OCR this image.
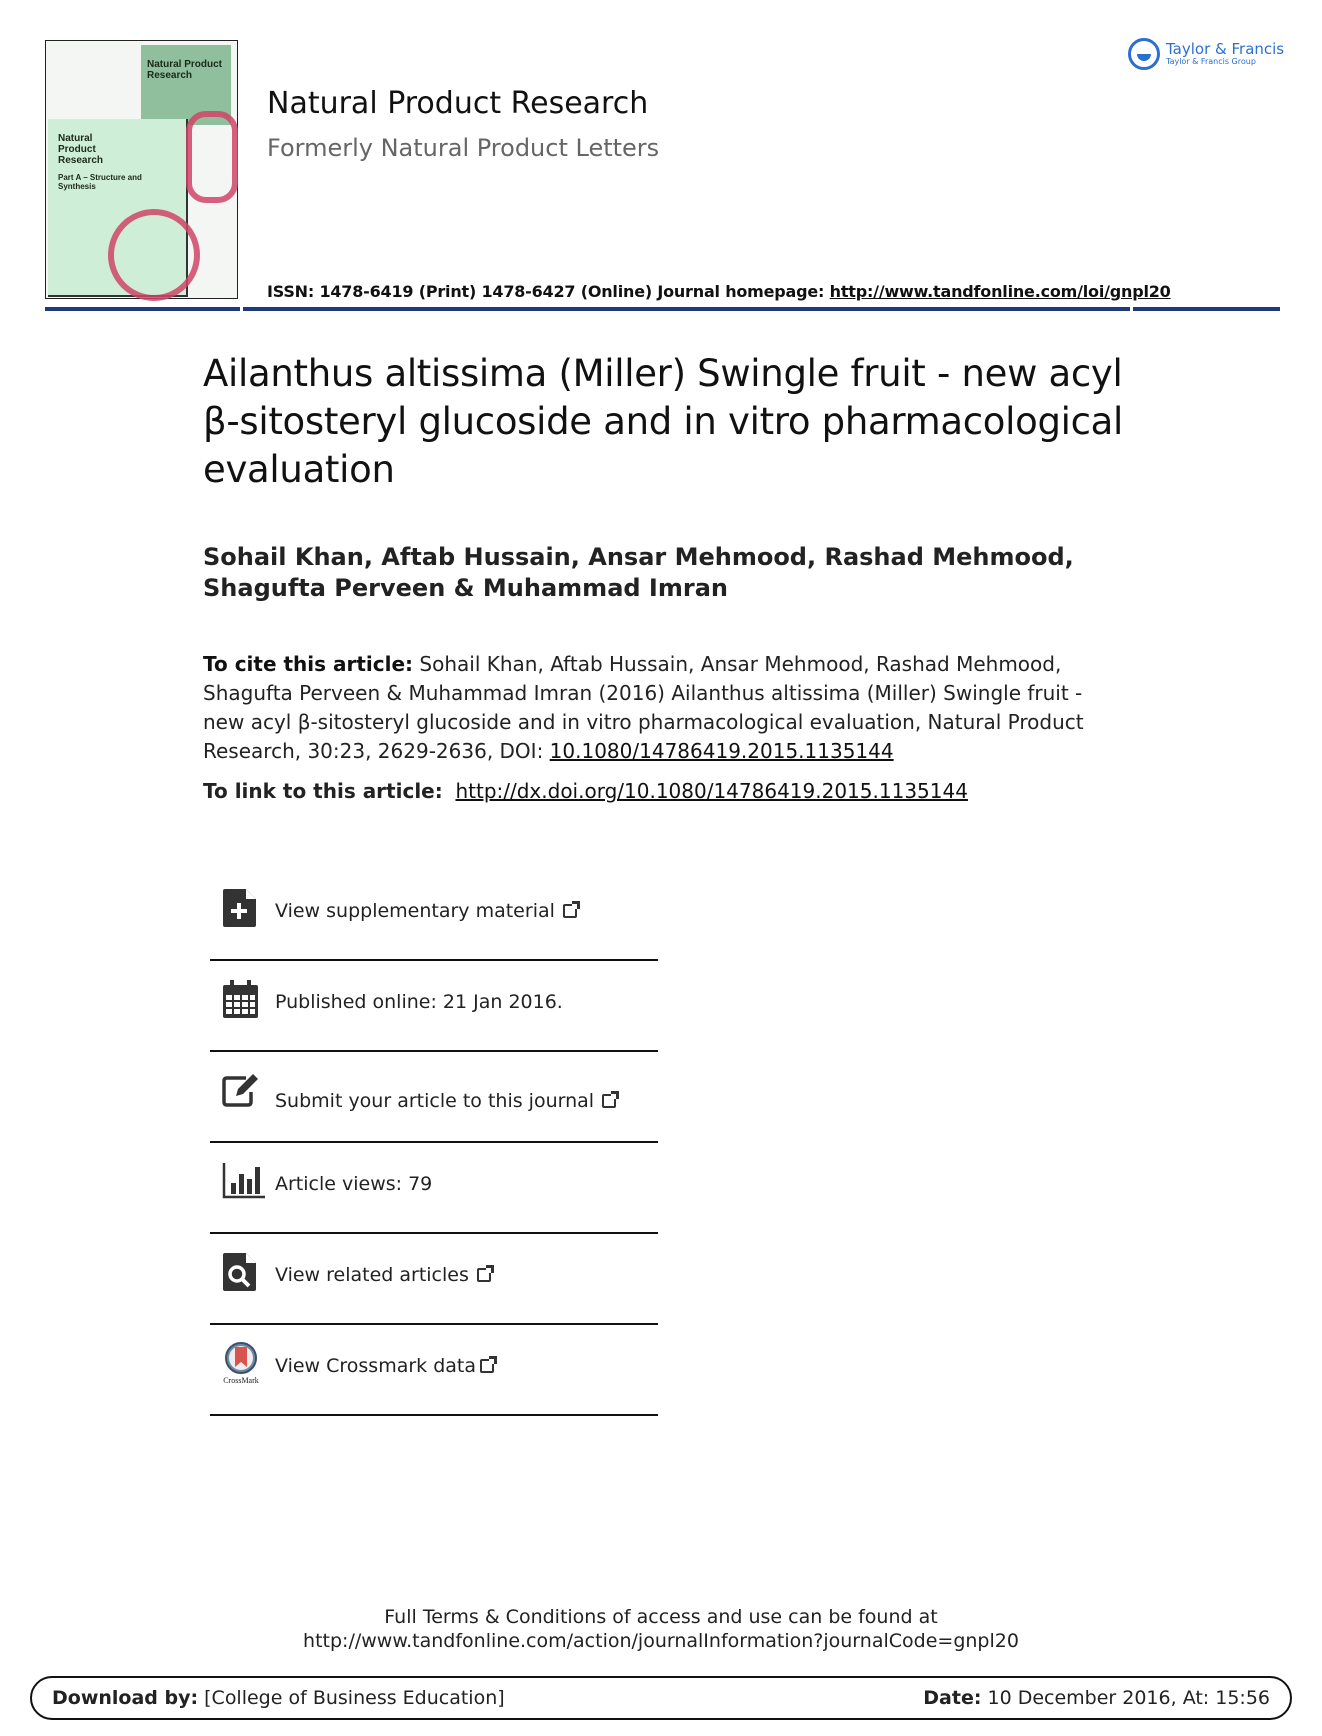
Natural Product Research
Natural Product Research
Part A – Structure and Synthesis
Natural Product Research
Formerly Natural Product Letters
ISSN: 1478-6419 (Print) 1478-6427 (Online) Journal homepage: http://www.tandfonline.com/loi/gnpl20
Taylor & Francis
Taylor & Francis Group
Ailanthus altissima (Miller) Swingle fruit - new acyl β-sitosteryl glucoside and in vitro pharmacological evaluation
Sohail Khan, Aftab Hussain, Ansar Mehmood, Rashad Mehmood, Shagufta Perveen & Muhammad Imran
To cite this article: Sohail Khan, Aftab Hussain, Ansar Mehmood, Rashad Mehmood, Shagufta Perveen & Muhammad Imran (2016) Ailanthus altissima (Miller) Swingle fruit - new acyl β-sitosteryl glucoside and in vitro pharmacological evaluation, Natural Product Research, 30:23, 2629-2636, DOI: 10.1080/14786419.2015.1135144
To link to this article: http://dx.doi.org/10.1080/14786419.2015.1135144
View supplementary material
Published online: 21 Jan 2016.
Submit your article to this journal
Article views: 79
View related articles
CrossMark
View Crossmark data
Full Terms & Conditions of access and use can be found at
http://www.tandfonline.com/action/journalInformation?journalCode=gnpl20
Download by: [College of Business Education]	Date: 10 December 2016, At: 15:56
